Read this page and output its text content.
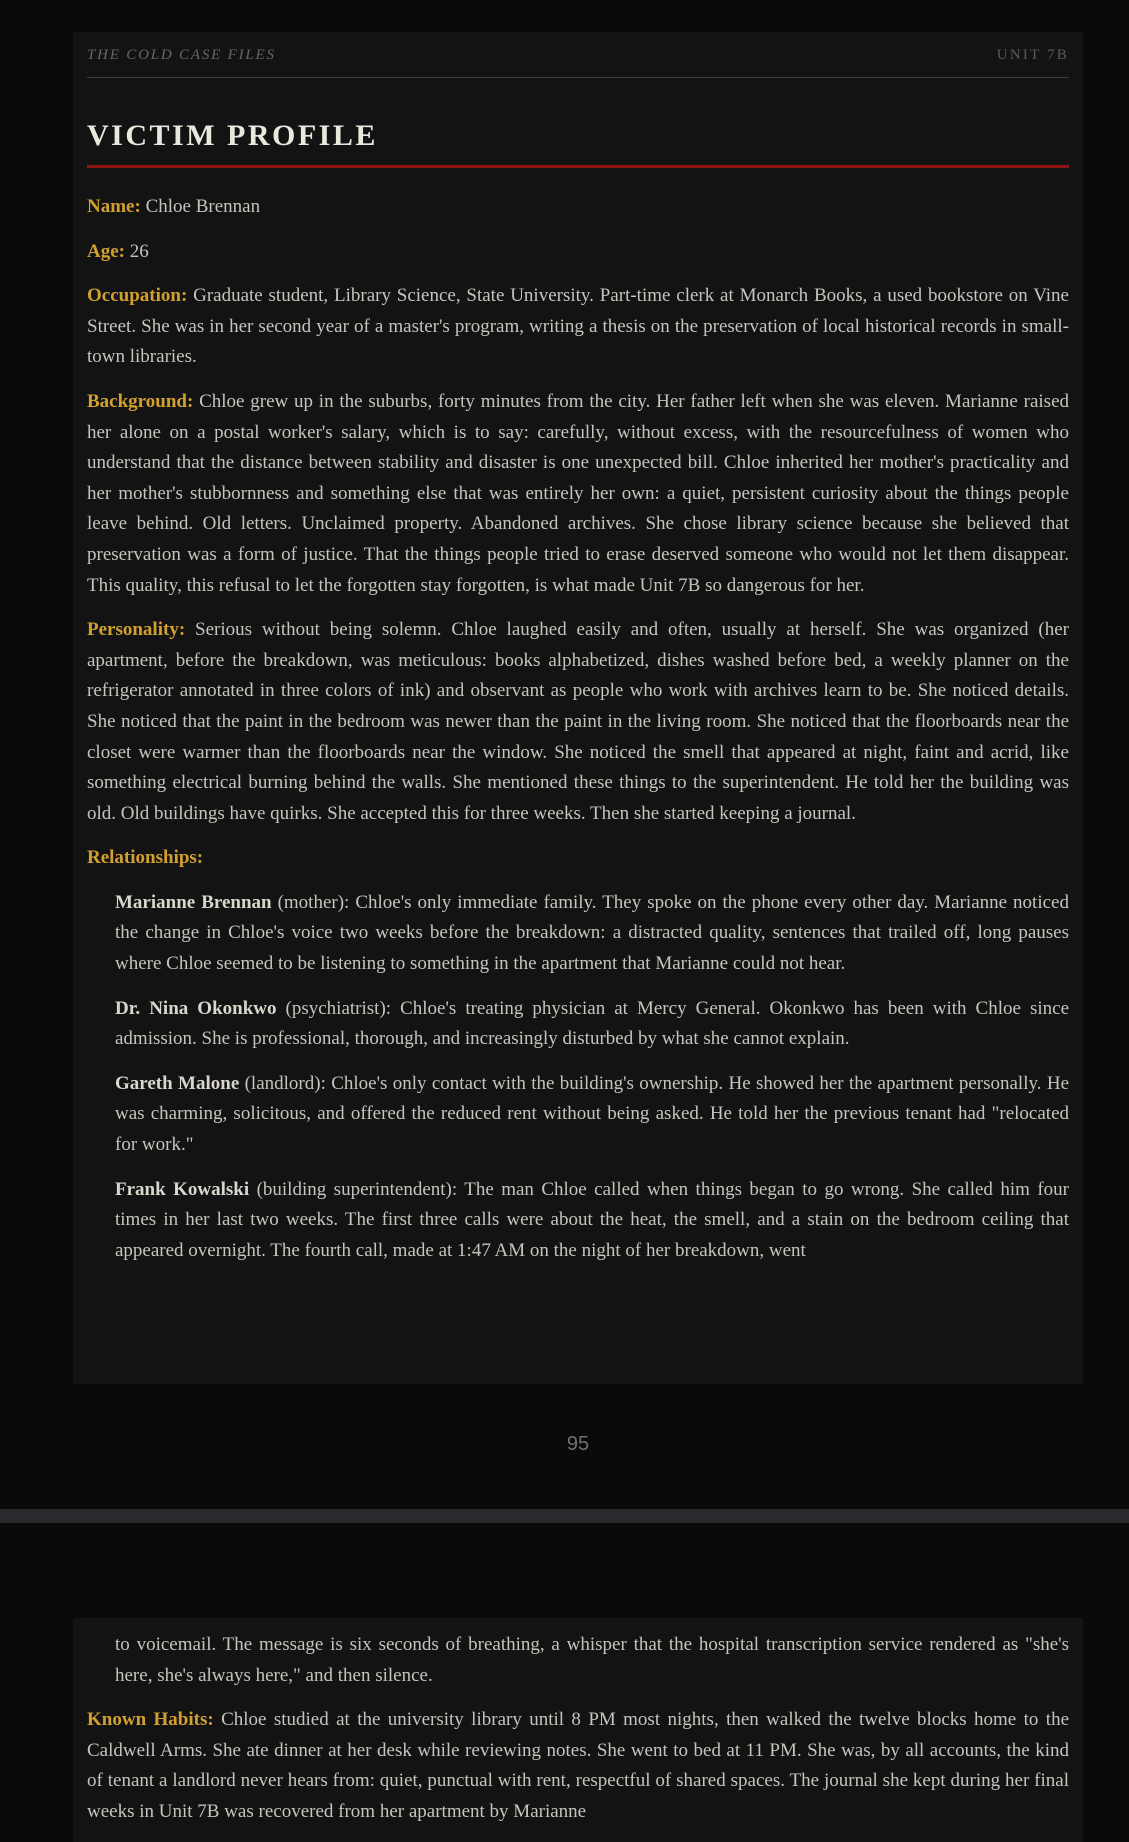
THE COLD CASE FILES	UNIT 7B
VICTIM PROFILE

Name: Chloe Brennan

Age: 26

Occupation: Graduate student, Library Science, State University. Part-time clerk at Monarch Books, a used bookstore on Vine Street. She was in her second year of a master's program, writing a thesis on the preservation of local historical records in small-town libraries.

Background: Chloe grew up in the suburbs, forty minutes from the city. Her father left when she was eleven. Marianne raised her alone on a postal worker's salary, which is to say: carefully, without excess, with the resourcefulness of women who understand that the distance between stability and disaster is one unexpected bill. Chloe inherited her mother's practicality and her mother's stubbornness and something else that was entirely her own: a quiet, persistent curiosity about the things people leave behind. Old letters. Unclaimed property. Abandoned archives. She chose library science because she believed that preservation was a form of justice. That the things people tried to erase deserved someone who would not let them disappear. This quality, this refusal to let the forgotten stay forgotten, is what made Unit 7B so dangerous for her.

Personality: Serious without being solemn. Chloe laughed easily and often, usually at herself. She was organized (her apartment, before the breakdown, was meticulous: books alphabetized, dishes washed before bed, a weekly planner on the refrigerator annotated in three colors of ink) and observant as people who work with archives learn to be. She noticed details. She noticed that the paint in the bedroom was newer than the paint in the living room. She noticed that the floorboards near the closet were warmer than the floorboards near the window. She noticed the smell that appeared at night, faint and acrid, like something electrical burning behind the walls. She mentioned these things to the superintendent. He told her the building was old. Old buildings have quirks. She accepted this for three weeks. Then she started keeping a journal.

Relationships:

Marianne Brennan (mother): Chloe's only immediate family. They spoke on the phone every other day. Marianne noticed the change in Chloe's voice two weeks before the breakdown: a distracted quality, sentences that trailed off, long pauses where Chloe seemed to be listening to something in the apartment that Marianne could not hear.

Dr. Nina Okonkwo (psychiatrist): Chloe's treating physician at Mercy General. Okonkwo has been with Chloe since admission. She is professional, thorough, and increasingly disturbed by what she cannot explain.

Gareth Malone (landlord): Chloe's only contact with the building's ownership. He showed her the apartment personally. He was charming, solicitous, and offered the reduced rent without being asked. He told her the previous tenant had "relocated for work."

Frank Kowalski (building superintendent): The man Chloe called when things began to go wrong. She called him four times in her last two weeks. The first three calls were about the heat, the smell, and a stain on the bedroom ceiling that appeared overnight. The fourth call, made at 1:47 AM on the night of her breakdown, went

95

to voicemail. The message is six seconds of breathing, a whisper that the hospital transcription service rendered as "she's here, she's always here," and then silence.

Known Habits: Chloe studied at the university library until 8 PM most nights, then walked the twelve blocks home to the Caldwell Arms. She ate dinner at her desk while reviewing notes. She went to bed at 11 PM. She was, by all accounts, the kind of tenant a landlord never hears from: quiet, punctual with rent, respectful of shared spaces. The journal she kept during her final weeks in Unit 7B was recovered from her apartment by Marianne
